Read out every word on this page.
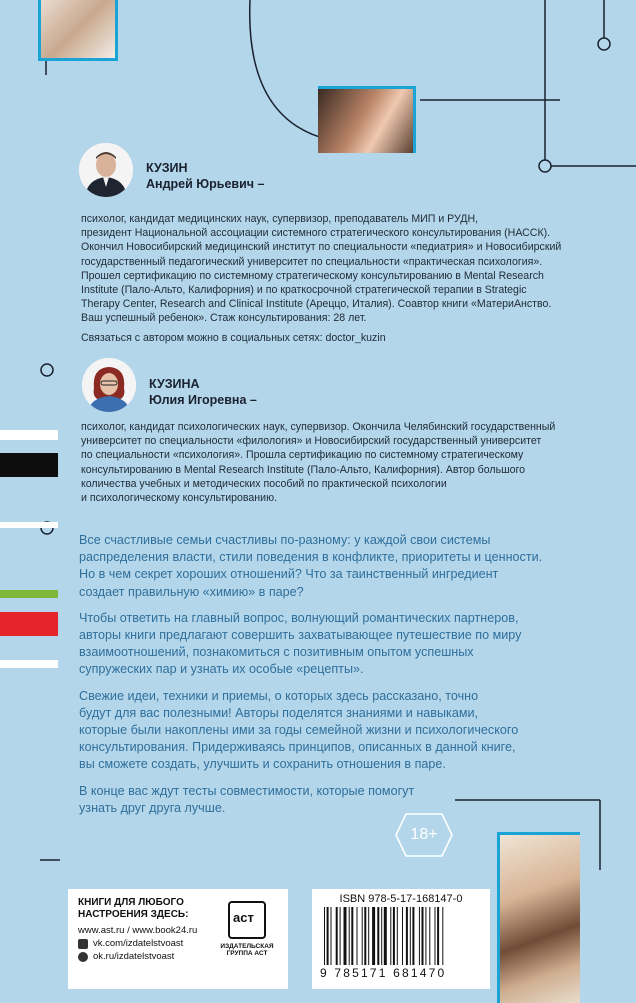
КУЗИН
Андрей Юрьевич –
психолог, кандидат медицинских наук, супервизор, преподаватель МИП и РУДН,
президент Национальной ассоциации системного стратегического консультирования (НАССК).
Окончил Новосибирский медицинский институт по специальности «педиатрия» и Новосибирский
государственный педагогический университет по специальности «практическая психология».
Прошел сертификацию по системному стратегическому консультированию в Mental Research
Institute (Пало-Альто, Калифорния) и по краткосрочной стратегической терапии в Strategic
Therapy Center, Research and Clinical Institute (Ареццо, Италия). Соавтор книги «МатериАнство.
Ваш успешный ребенок». Стаж консультирования: 28 лет.
Связаться с автором можно в социальных сетях: doctor_kuzin
КУЗИНА
Юлия Игоревна –
психолог, кандидат психологических наук, супервизор. Окончила Челябинский государственный
университет по специальности «филология» и Новосибирский государственный университет
по специальности «психология». Прошла сертификацию по системному стратегическому
консультированию в Mental Research Institute (Пало-Альто, Калифорния). Автор большого
количества учебных и методических пособий по практической психологии
и психологическому консультированию.
Все счастливые семьи счастливы по-разному: у каждой свои системы
распределения власти, стили поведения в конфликте, приоритеты и ценности.
Но в чем секрет хороших отношений? Что за таинственный ингредиент
создает правильную «химию» в паре?
Чтобы ответить на главный вопрос, волнующий романтических партнеров,
авторы книги предлагают совершить захватывающее путешествие по миру
взаимоотношений, познакомиться с позитивным опытом успешных
супружеских пар и узнать их особые «рецепты».
Свежие идеи, техники и приемы, о которых здесь рассказано, точно
будут для вас полезными! Авторы поделятся знаниями и навыками,
которые были накоплены ими за годы семейной жизни и психологического
консультирования. Придерживаясь принципов, описанных в данной книге,
вы сможете создать, улучшить и сохранить отношения в паре.
В конце вас ждут тесты совместимости, которые помогут
узнать друг друга лучше.
18+
КНИГИ ДЛЯ ЛЮБОГО
НАСТРОЕНИЯ ЗДЕСЬ:
www.ast.ru / www.book24.ru
vk.com/izdatelstvoast
ok.ru/izdatelstvoast
аст
ИЗДАТЕЛЬСКАЯ
ГРУППА АСТ
ISBN 978-5-17-168147-0
9 785171 681470
